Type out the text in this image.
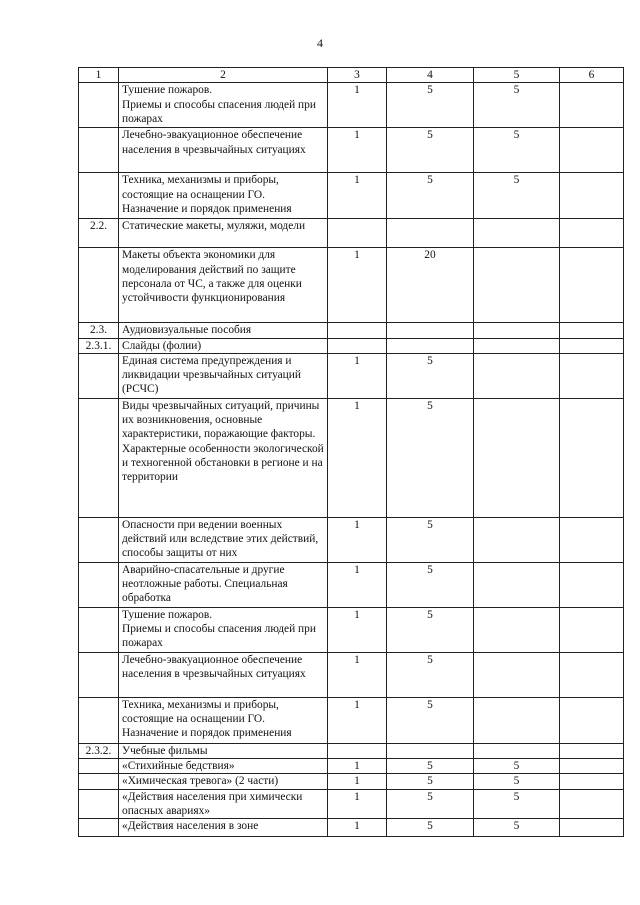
4
1	2	3	4	5	6
	Тушение пожаров.
Приемы и способы спасения людей при пожарах	1	5	5	
	Лечебно-эвакуационное обеспечение населения в чрезвычайных ситуациях	1	5	5	
	Техника, механизмы и приборы, состоящие на оснащении ГО. Назначение и порядок применения	1	5	5	
2.2.	Статические макеты, муляжи, модели				
	Макеты объекта экономики для моделирования действий по защите персонала от ЧС, а также для оценки устойчивости функционирования	1	20		
2.3.	Аудиовизуальные пособия				
2.3.1.	Слайды (фолии)				
	Единая система предупреждения и ликвидации чрезвычайных ситуаций (РСЧС)	1	5		
	Виды чрезвычайных ситуаций, причины их возникновения, основные характеристики, поражающие факторы. Характерные особенности экологической и техногенной обстановки в регионе и на территории	1	5		
	Опасности при ведении военных действий или вследствие этих действий, способы защиты от них	1	5		
	Аварийно-спасательные и другие неотложные работы. Специальная обработка	1	5		
	Тушение пожаров.
Приемы и способы спасения людей при пожарах	1	5		
	Лечебно-эвакуационное обеспечение населения в чрезвычайных ситуациях	1	5		
	Техника, механизмы и приборы, состоящие на оснащении ГО. Назначение и порядок применения	1	5		
2.3.2.	Учебные фильмы				
	«Стихийные бедствия»	1	5	5	
	«Химическая тревога» (2 части)	1	5	5	
	«Действия населения при химически опасных авариях»	1	5	5	
	«Действия населения в зоне	1	5	5	
